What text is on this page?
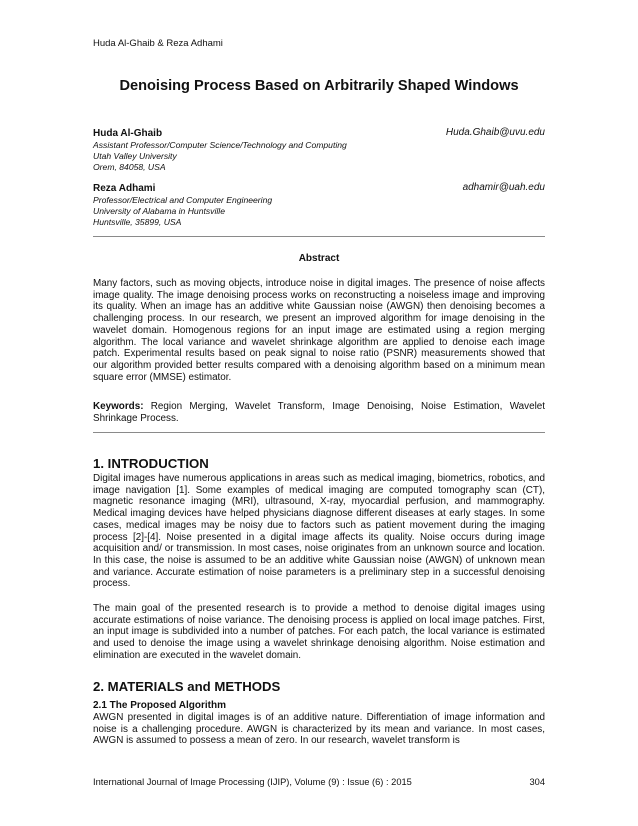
Huda Al-Ghaib & Reza Adhami
Denoising Process Based on Arbitrarily Shaped Windows
Huda Al-Ghaib	Huda.Ghaib@uvu.edu
Assistant Professor/Computer Science/Technology and Computing
Utah Valley University
Orem, 84058, USA
Reza Adhami	adhamir@uah.edu
Professor/Electrical and Computer Engineering
University of Alabama in Huntsville
Huntsville, 35899, USA
Abstract

Many factors, such as moving objects, introduce noise in digital images. The presence of noise affects image quality. The image denoising process works on reconstructing a noiseless image and improving its quality. When an image has an additive white Gaussian noise (AWGN) then denoising becomes a challenging process. In our research, we present an improved algorithm for image denoising in the wavelet domain. Homogenous regions for an input image are estimated using a region merging algorithm. The local variance and wavelet shrinkage algorithm are applied to denoise each image patch. Experimental results based on peak signal to noise ratio (PSNR) measurements showed that our algorithm provided better results compared with a denoising algorithm based on a minimum mean square error (MMSE) estimator.

Keywords: Region Merging, Wavelet Transform, Image Denoising, Noise Estimation, Wavelet Shrinkage Process.

1. INTRODUCTION

Digital images have numerous applications in areas such as medical imaging, biometrics, robotics, and image navigation [1]. Some examples of medical imaging are computed tomography scan (CT), magnetic resonance imaging (MRI), ultrasound, X-ray, myocardial perfusion, and mammography. Medical imaging devices have helped physicians diagnose different diseases at early stages. In some cases, medical images may be noisy due to factors such as patient movement during the imaging process [2]-[4]. Noise presented in a digital image affects its quality. Noise occurs during image acquisition and/ or transmission. In most cases, noise originates from an unknown source and location. In this case, the noise is assumed to be an additive white Gaussian noise (AWGN) of unknown mean and variance. Accurate estimation of noise parameters is a preliminary step in a successful denoising process.

The main goal of the presented research is to provide a method to denoise digital images using accurate estimations of noise variance. The denoising process is applied on local image patches. First, an input image is subdivided into a number of patches. For each patch, the local variance is estimated and used to denoise the image using a wavelet shrinkage denoising algorithm. Noise estimation and elimination are executed in the wavelet domain.

2. MATERIALS and METHODS
2.1 The Proposed Algorithm

AWGN presented in digital images is of an additive nature. Differentiation of image information and noise is a challenging procedure. AWGN is characterized by its mean and variance. In most cases, AWGN is assumed to possess a mean of zero. In our research, wavelet transform is

International Journal of Image Processing (IJIP), Volume (9) : Issue (6) : 2015	304
